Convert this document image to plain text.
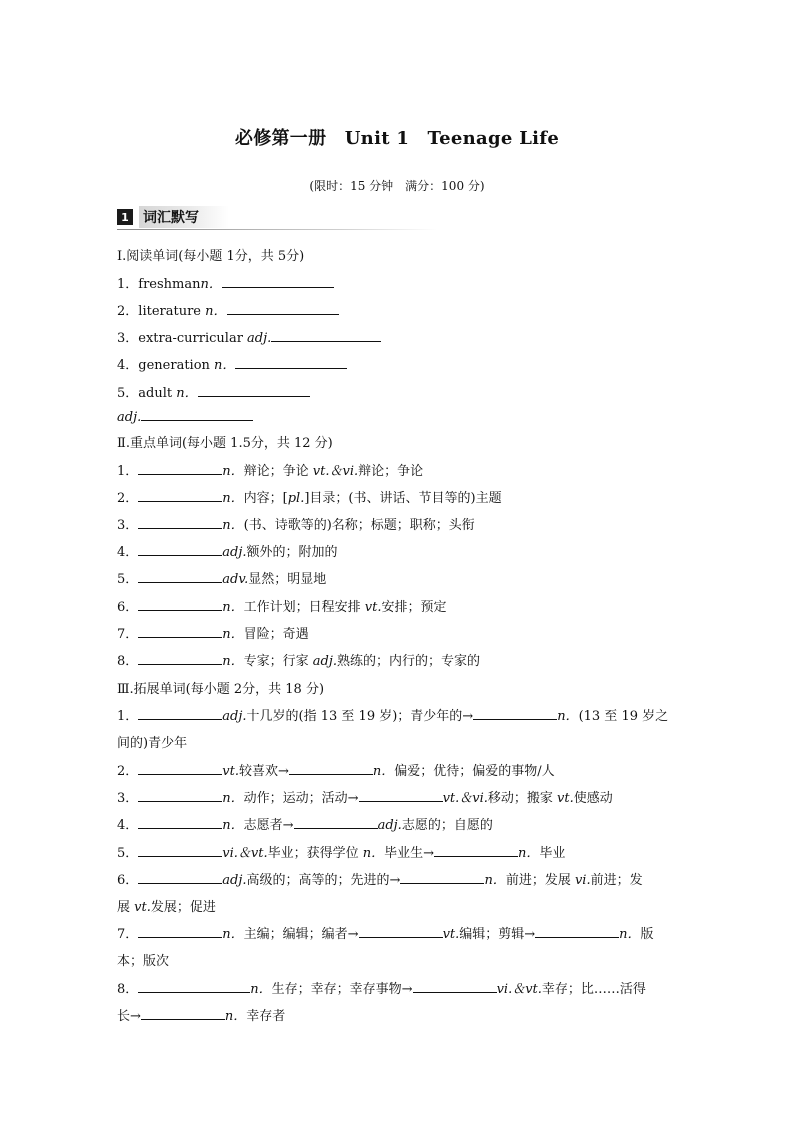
必修第一册　Unit 1　Teenage Life
(限时：15 分钟　满分：100 分)
1 词汇默写
Ⅰ.阅读单词(每小题 1分，共 5分)
1．freshmann．
2．literature n．
3．extra-curricular adj.
4．generation n．
5．adult n．
adj.
Ⅱ.重点单词(每小题 1.5分，共 12 分)
1．	n．辩论；争论 vt.＆vi.辩论；争论
2．	n．内容；[pl.]目录；(书、讲话、节目等的)主题
3．	n．(书、诗歌等的)名称；标题；职称；头衔
4．	adj.额外的；附加的
5．	adv.显然；明显地
6．	n．工作计划；日程安排 vt.安排；预定
7．	n．冒险；奇遇
8．	n．专家；行家 adj.熟练的；内行的；专家的
Ⅲ.拓展单词(每小题 2分，共 18 分)
1．	adj.十几岁的(指 13 至 19 岁)；青少年的→	n．(13 至 19 岁之
间的)青少年
2．	vt.较喜欢→	n．偏爱；优待；偏爱的事物/人
3．	n．动作；运动；活动→	vt.＆vi.移动；搬家 vt.使感动
4．	n．志愿者→	adj.志愿的；自愿的
5．	vi.＆vt.毕业；获得学位 n．毕业生→	n．毕业
6．	adj.高级的；高等的；先进的→	n．前进；发展 vi.前进；发
展 vt.发展；促进
7．	n．主编；编辑；编者→	vt.编辑；剪辑→	n．版
本；版次
8．	n．生存；幸存；幸存事物→	vi.＆vt.幸存；比……活得
长→	n．幸存者
